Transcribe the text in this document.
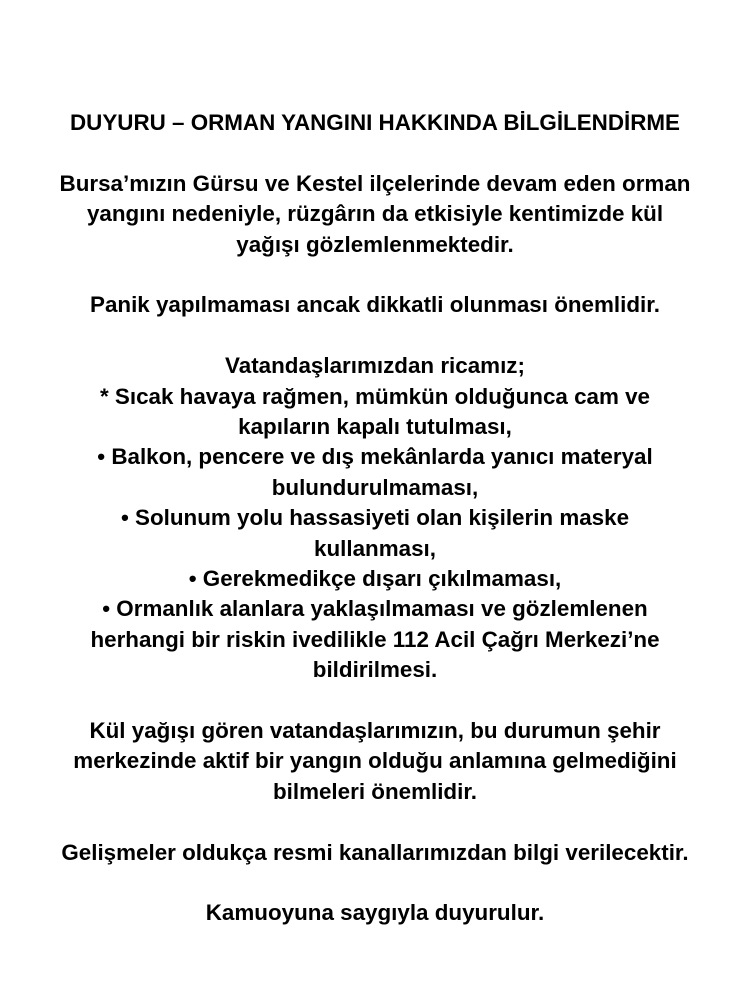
DUYURU – ORMAN YANGINI HAKKINDA BİLGİLENDİRME
Bursa’mızın Gürsu ve Kestel ilçelerinde devam eden orman
yangını nedeniyle, rüzgârın da etkisiyle kentimizde kül
yağışı gözlemlenmektedir.
Panik yapılmaması ancak dikkatli olunması önemlidir.
Vatandaşlarımızdan ricamız;
* Sıcak havaya rağmen, mümkün olduğunca cam ve
kapıların kapalı tutulması,
• Balkon, pencere ve dış mekânlarda yanıcı materyal
bulundurulmaması,
• Solunum yolu hassasiyeti olan kişilerin maske
kullanması,
• Gerekmedikçe dışarı çıkılmaması,
• Ormanlık alanlara yaklaşılmaması ve gözlemlenen
herhangi bir riskin ivedilikle 112 Acil Çağrı Merkezi’ne
bildirilmesi.
Kül yağışı gören vatandaşlarımızın, bu durumun şehir
merkezinde aktif bir yangın olduğu anlamına gelmediğini
bilmeleri önemlidir.
Gelişmeler oldukça resmi kanallarımızdan bilgi verilecektir.
Kamuoyuna saygıyla duyurulur.
